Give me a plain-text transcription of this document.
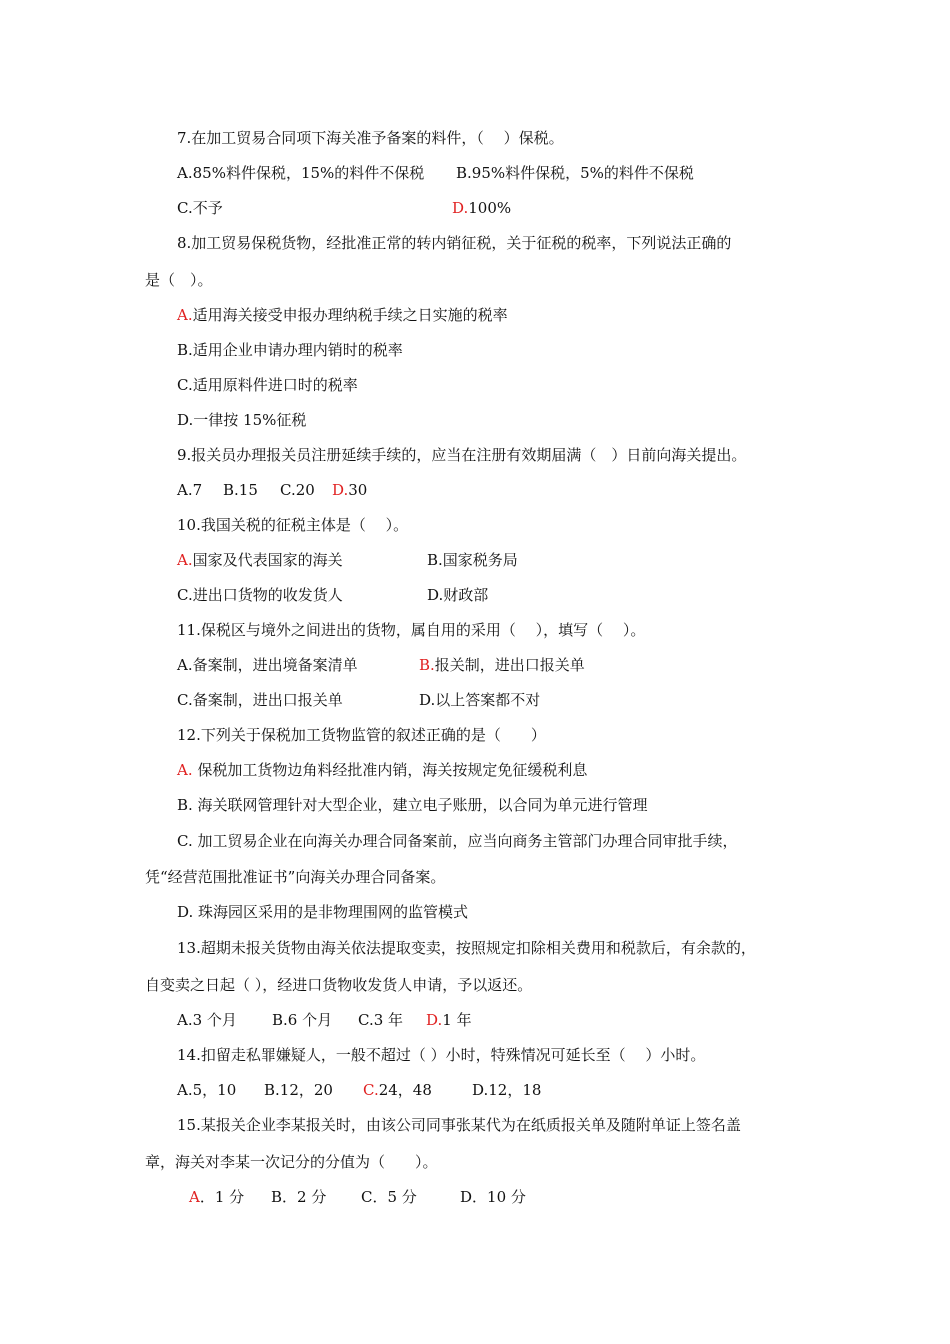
7.在加工贸易合同项下海关准予备案的料件，（　 ）保税。

A.85%料件保税，15%的料件不保税

B.95%料件保税，5%的料件不保税

C.不予

	D.100%

8.加工贸易保税货物，经批准正常的转内销征税，关于征税的税率，下列说法正确的
是（　）。
A.适用海关接受申报办理纳税手续之日实施的税率
B.适用企业申请办理内销时的税率
C.适用原料件进口时的税率
D.一律按 15%征税
9.报关员办理报关员注册延续手续的，应当在注册有效期届满（　）日前向海关提出。

A.7

B.15

C.20

D.30

10.我国关税的征税主体是（　 ）。

A.国家及代表国家的海关

	B.国家税务局

C.进出口货物的收发货人

	D.财政部

11.保税区与境外之间进出的货物，属自用的采用（　 ），填写（　 ）。

A.备案制，进出境备案清单

	B.报关制，进出口报关单

C.备案制，进出口报关单

	D.以上答案都不对

12.下列关于保税加工货物监管的叙述正确的是（　　）
A. 保税加工货物边角料经批准内销，海关按规定免征缓税利息
B. 海关联网管理针对大型企业，建立电子账册，以合同为单元进行管理
C. 加工贸易企业在向海关办理合同备案前，应当向商务主管部门办理合同审批手续，
凭“经营范围批准证书”向海关办理合同备案。
D. 珠海园区采用的是非物理围网的监管模式
13.超期未报关货物由海关依法提取变卖，按照规定扣除相关费用和税款后，有余款的，
自变卖之日起（ ），经进口货物收发货人申请，予以返还。

A.3 个月

B.6 个月

C.3 年

D.1 年

14.扣留走私罪嫌疑人，一般不超过（ ）小时，特殊情况可延长至（　 ）小时。

A.5，10

B.12，20

C.24，48

	D.12，18

15.某报关企业李某报关时，由该公司同事张某代为在纸质报关单及随附单证上签名盖
章，海关对李某一次记分的分值为（　　）。

A．1 分

B．2 分

C．5 分

	D．10 分
